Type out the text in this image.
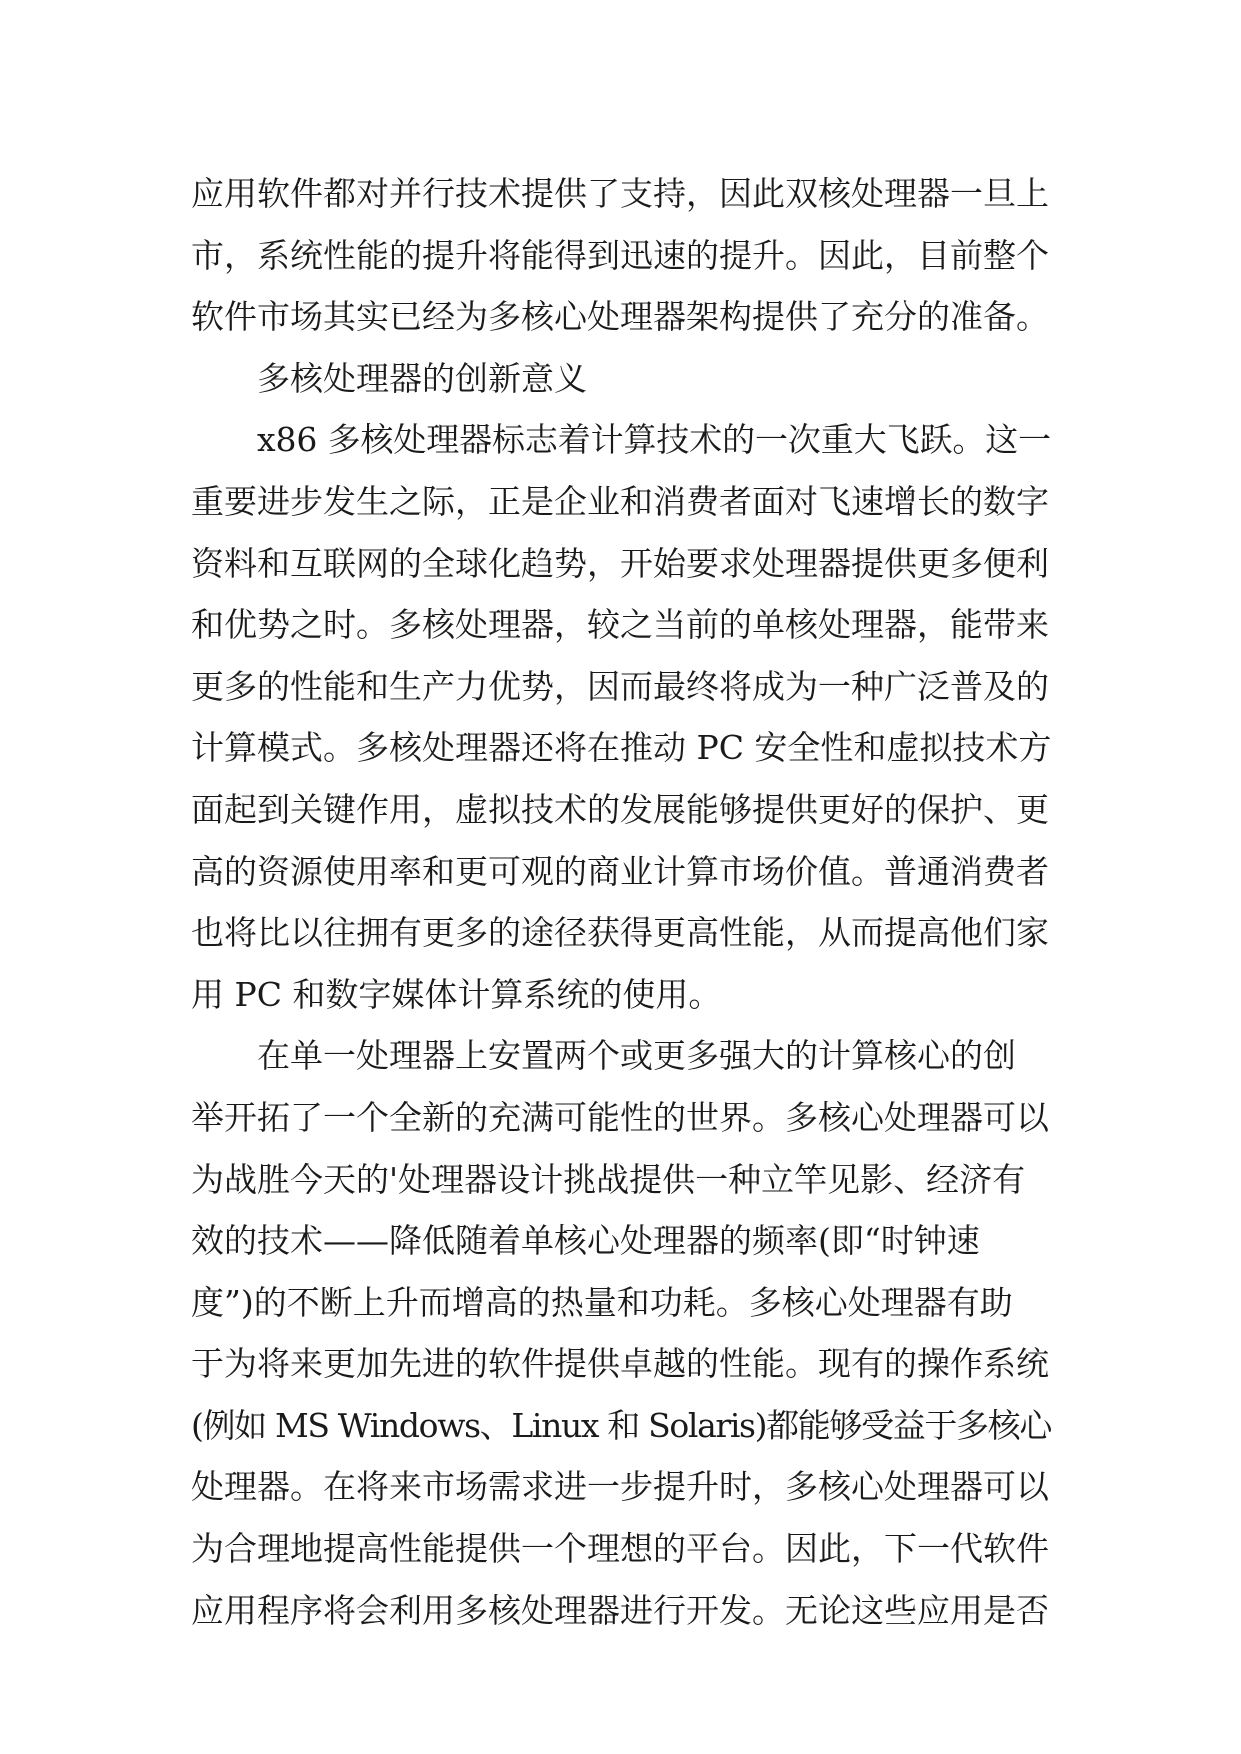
应用软件都对并行技术提供了支持，因此双核处理器一旦上
市，系统性能的提升将能得到迅速的提升。因此，目前整个
软件市场其实已经为多核心处理器架构提供了充分的准备。
多核处理器的创新意义
x86 多核处理器标志着计算技术的一次重大飞跃。这一
重要进步发生之际，正是企业和消费者面对飞速增长的数字
资料和互联网的全球化趋势，开始要求处理器提供更多便利
和优势之时。多核处理器，较之当前的单核处理器，能带来
更多的性能和生产力优势，因而最终将成为一种广泛普及的
计算模式。多核处理器还将在推动 PC 安全性和虚拟技术方
面起到关键作用，虚拟技术的发展能够提供更好的保护、更
高的资源使用率和更可观的商业计算市场价值。普通消费者
也将比以往拥有更多的途径获得更高性能，从而提高他们家
用 PC 和数字媒体计算系统的使用。
在单一处理器上安置两个或更多强大的计算核心的创
举开拓了一个全新的充满可能性的世界。多核心处理器可以
为战胜今天的'处理器设计挑战提供一种立竿见影、经济有
效的技术——降低随着单核心处理器的频率(即“时钟速
度”)的不断上升而增高的热量和功耗。多核心处理器有助
于为将来更加先进的软件提供卓越的性能。现有的操作系统
(例如 MS Windows、Linux 和 Solaris)都能够受益于多核心
处理器。在将来市场需求进一步提升时，多核心处理器可以
为合理地提高性能提供一个理想的平台。因此，下一代软件
应用程序将会利用多核处理器进行开发。无论这些应用是否
